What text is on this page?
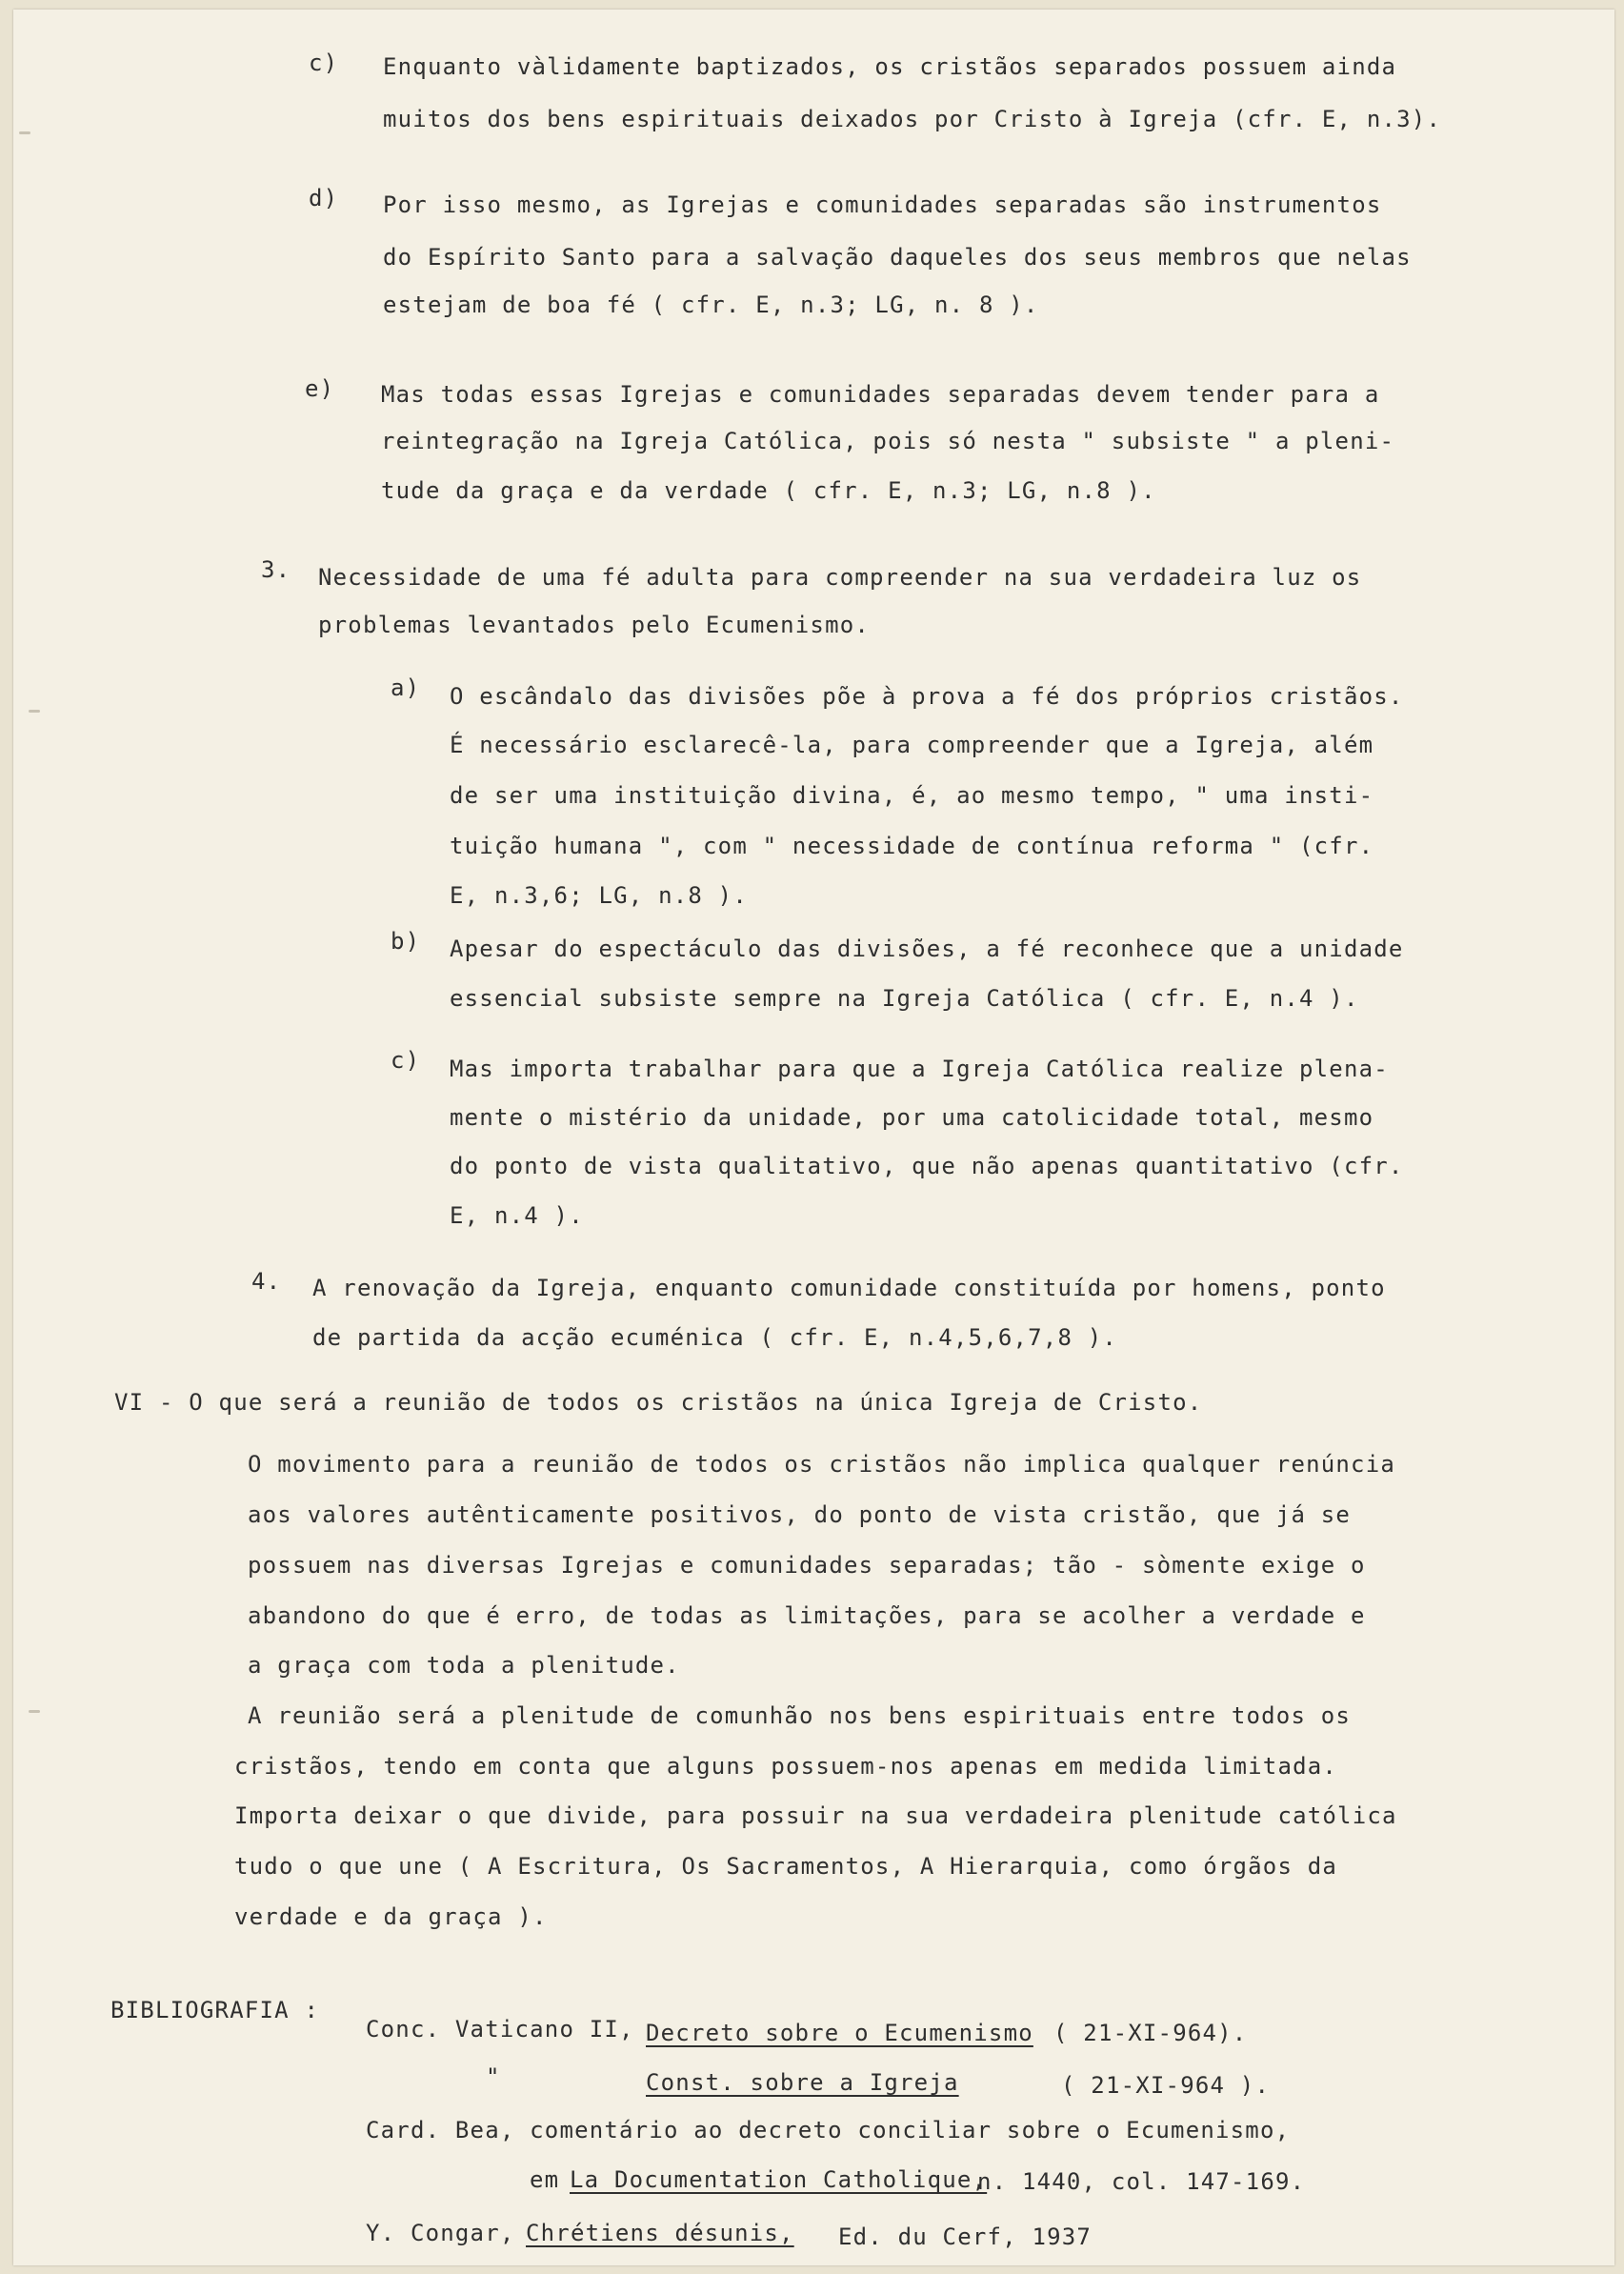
c) Enquanto vàlidamente baptizados, os cristãos separados possuem ainda

muitos dos bens espirituais deixados por Cristo à Igreja (cfr. E, n.3).

d) Por isso mesmo, as Igrejas e comunidades separadas são instrumentos

do Espírito Santo para a salvação daqueles dos seus membros que nelas

estejam de boa fé ( cfr. E, n.3; LG, n. 8 ).

e) Mas todas essas Igrejas e comunidades separadas devem tender para a

reintegração na Igreja Católica, pois só nesta " subsiste " a pleni-

tude da graça e da verdade ( cfr. E, n.3; LG, n.8 ).

3. Necessidade de uma fé adulta para compreender na sua verdadeira luz os

problemas levantados pelo Ecumenismo.

a) O escândalo das divisões põe à prova a fé dos próprios cristãos.

É necessário esclarecê-la, para compreender que a Igreja, além

de ser uma instituição divina, é, ao mesmo tempo, " uma insti-

tuição humana ", com " necessidade de contínua reforma " (cfr.

E, n.3,6; LG, n.8 ).

b) Apesar do espectáculo das divisões, a fé reconhece que a unidade

essencial subsiste sempre na Igreja Católica ( cfr. E, n.4 ).

c) Mas importa trabalhar para que a Igreja Católica realize plena-

mente o mistério da unidade, por uma catolicidade total, mesmo

do ponto de vista qualitativo, que não apenas quantitativo (cfr.

E, n.4 ).

4. A renovação da Igreja, enquanto comunidade constituída por homens, ponto

de partida da acção ecuménica ( cfr. E, n.4,5,6,7,8 ).

VI - O que será a reunião de todos os cristãos na única Igreja de Cristo.

O movimento para a reunião de todos os cristãos não implica qualquer renúncia

aos valores autênticamente positivos, do ponto de vista cristão, que já se

possuem nas diversas Igrejas e comunidades separadas; tão - sòmente exige o

abandono do que é erro, de todas as limitações, para se acolher a verdade e

a graça com toda a plenitude.

A reunião será a plenitude de comunhão nos bens espirituais entre todos os

cristãos, tendo em conta que alguns possuem-nos apenas em medida limitada.

Importa deixar o que divide, para possuir na sua verdadeira plenitude católica

tudo o que une ( A Escritura, Os Sacramentos, A Hierarquia, como órgãos da

verdade e da graça ).

BIBLIOGRAFIA :

Conc. Vaticano II, Decreto sobre o Ecumenismo ( 21-XI-964).

"	Const. sobre a Igreja	( 21-XI-964 ).

Card. Bea, comentário ao decreto conciliar sobre o Ecumenismo,

em La Documentation Catholique,

n. 1440, col. 147-169.

Y. Congar, Chrétiens désunis, Ed. du Cerf, 1937
